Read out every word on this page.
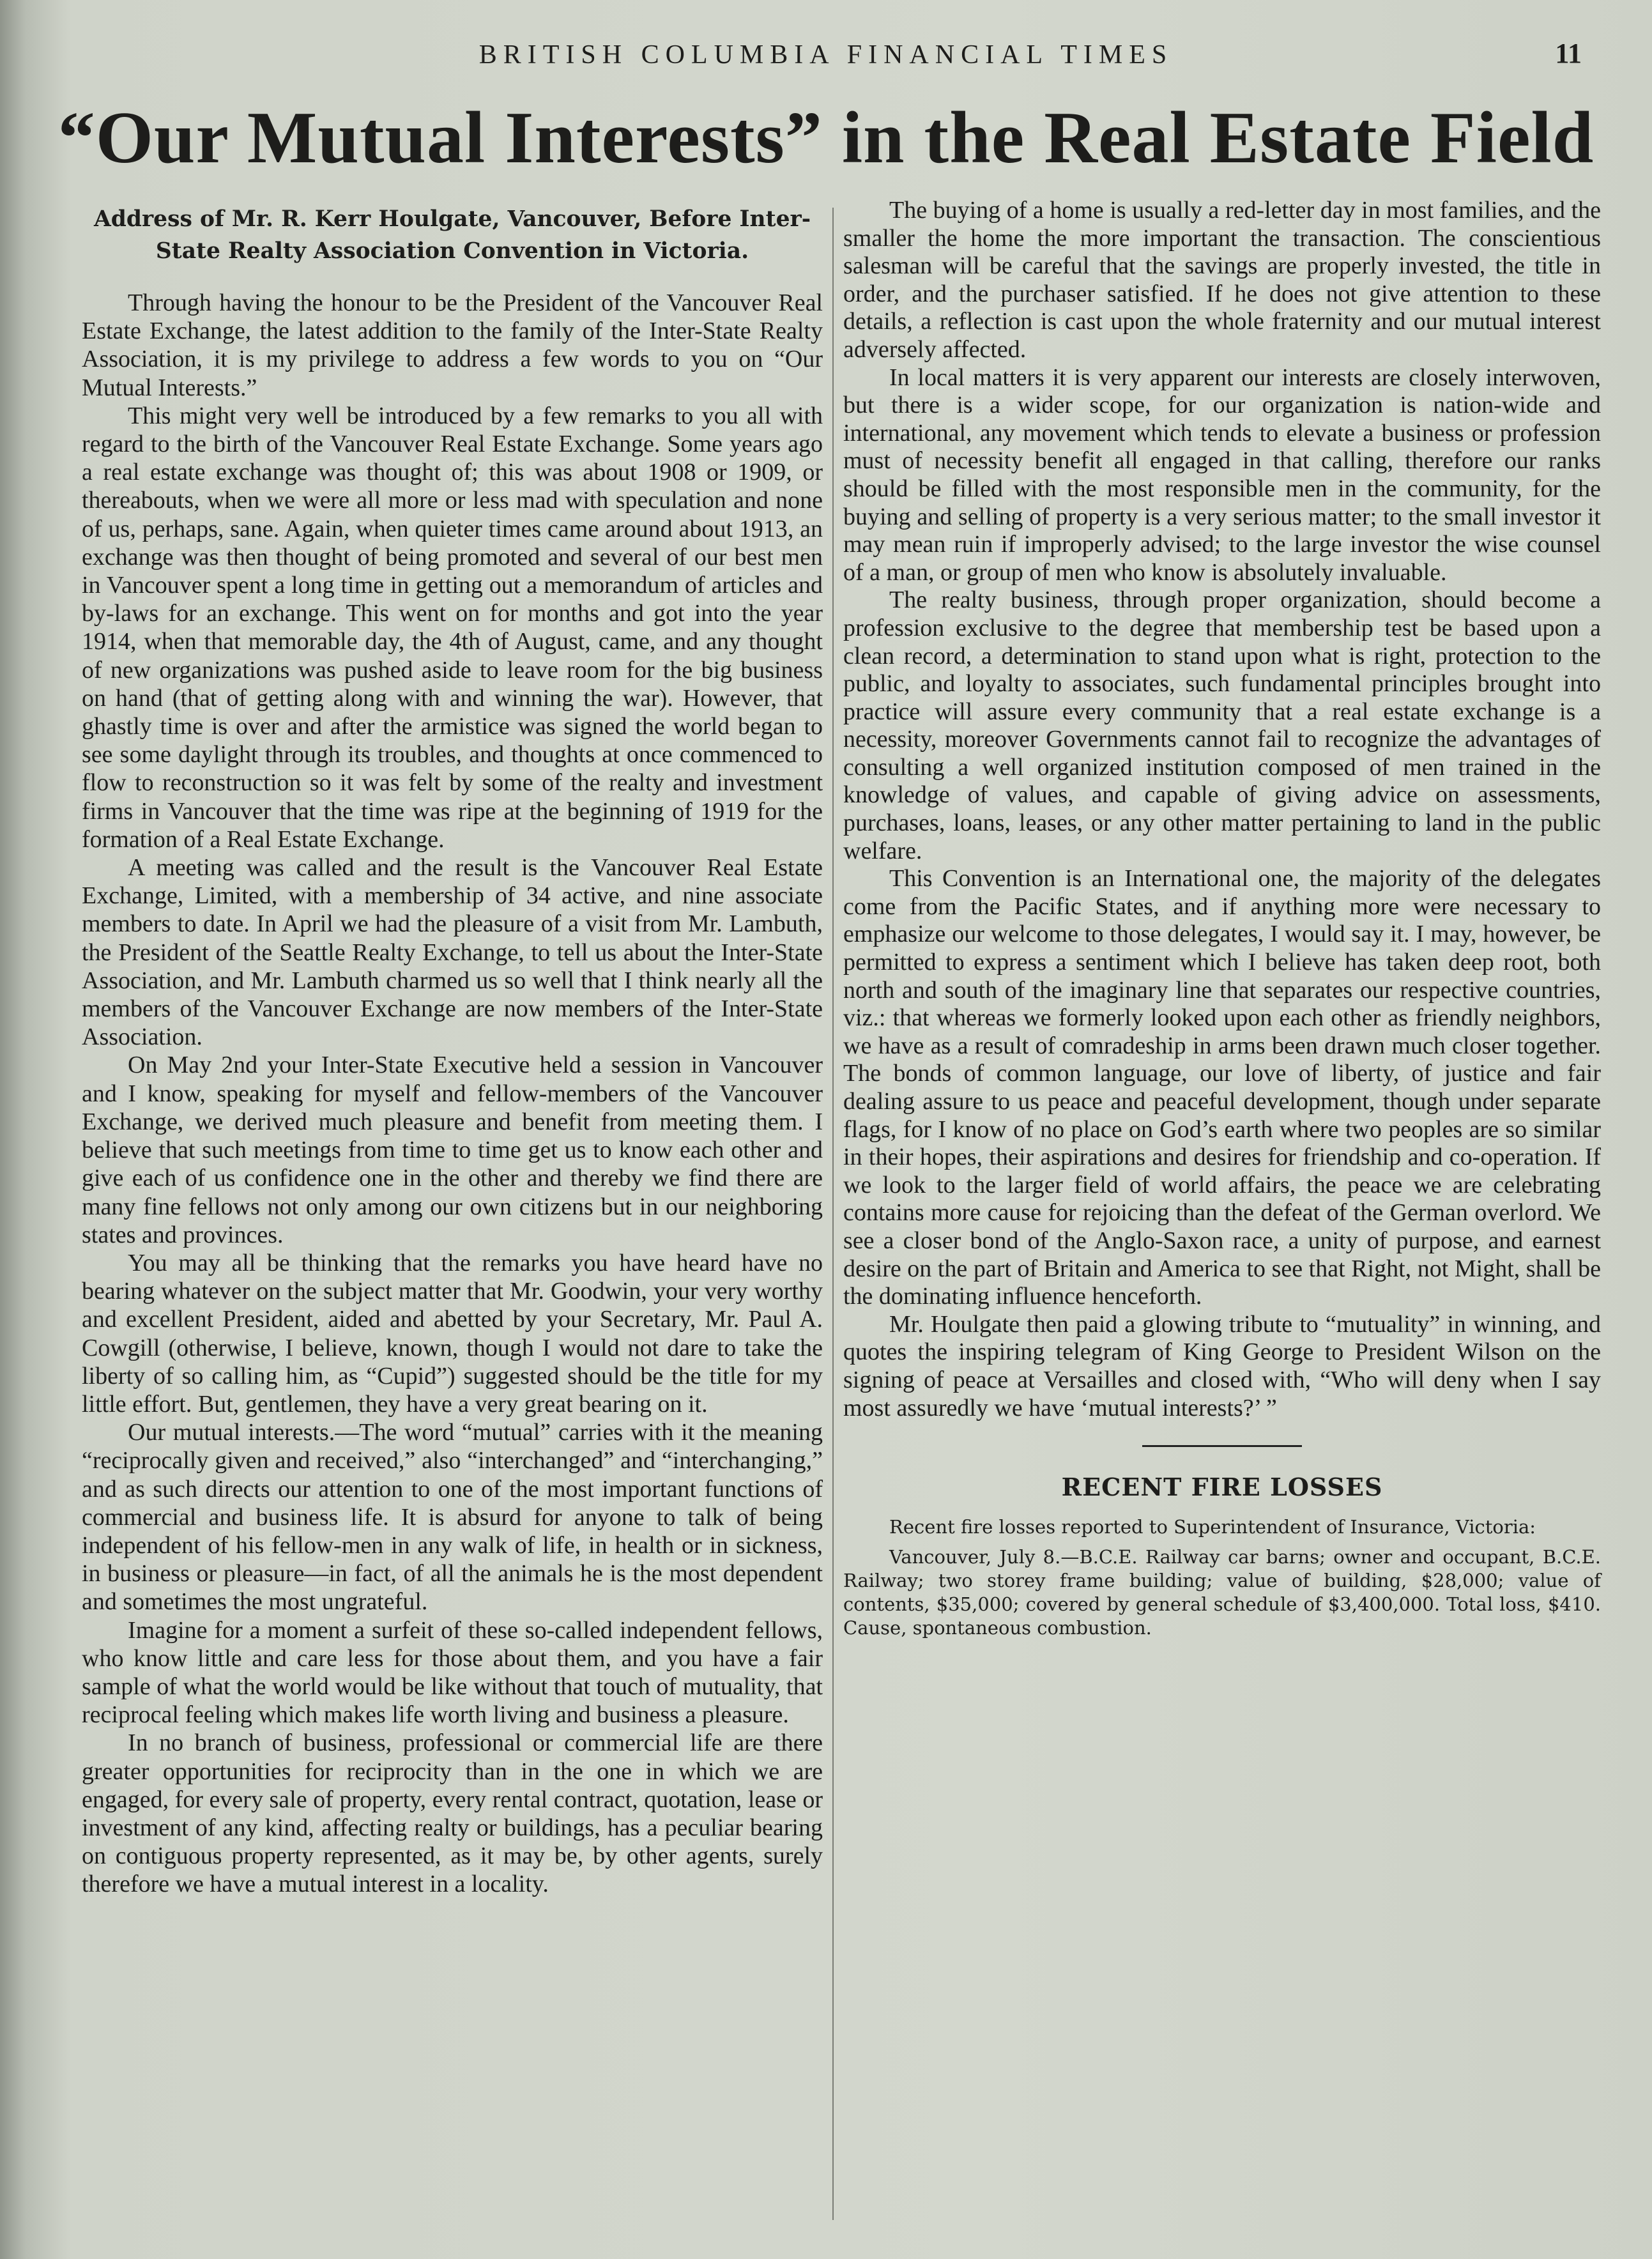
BRITISH COLUMBIA FINANCIAL TIMES	11
“Our Mutual Interests” in the Real Estate Field
Address of Mr. R. Kerr Houlgate, Vancouver, Before Inter-State Realty Association Convention in Victoria.

Through having the honour to be the President of the Vancouver Real Estate Exchange, the latest addition to the family of the Inter-State Realty Association, it is my privilege to address a few words to you on “Our Mutual Interests.”

This might very well be introduced by a few remarks to you all with regard to the birth of the Vancouver Real Estate Exchange. Some years ago a real estate exchange was thought of; this was about 1908 or 1909, or thereabouts, when we were all more or less mad with speculation and none of us, perhaps, sane. Again, when quieter times came around about 1913, an exchange was then thought of being promoted and several of our best men in Vancouver spent a long time in getting out a memorandum of articles and by-laws for an exchange. This went on for months and got into the year 1914, when that memorable day, the 4th of August, came, and any thought of new organizations was pushed aside to leave room for the big business on hand (that of getting along with and winning the war). However, that ghastly time is over and after the armistice was signed the world began to see some daylight through its troubles, and thoughts at once commenced to flow to reconstruction so it was felt by some of the realty and investment firms in Vancouver that the time was ripe at the beginning of 1919 for the formation of a Real Estate Exchange.

A meeting was called and the result is the Vancouver Real Estate Exchange, Limited, with a membership of 34 active, and nine associate members to date. In April we had the pleasure of a visit from Mr. Lambuth, the President of the Seattle Realty Exchange, to tell us about the Inter-State Association, and Mr. Lambuth charmed us so well that I think nearly all the members of the Vancouver Exchange are now members of the Inter-State Association.

On May 2nd your Inter-State Executive held a session in Vancouver and I know, speaking for myself and fellow-members of the Vancouver Exchange, we derived much pleasure and benefit from meeting them. I believe that such meetings from time to time get us to know each other and give each of us confidence one in the other and thereby we find there are many fine fellows not only among our own citizens but in our neighboring states and provinces.

You may all be thinking that the remarks you have heard have no bearing whatever on the subject matter that Mr. Goodwin, your very worthy and excellent President, aided and abetted by your Secretary, Mr. Paul A. Cowgill (otherwise, I believe, known, though I would not dare to take the liberty of so calling him, as “Cupid”) suggested should be the title for my little effort. But, gentlemen, they have a very great bearing on it.

Our mutual interests.—The word “mutual” carries with it the meaning “reciprocally given and received,” also “interchanged” and “interchanging,” and as such directs our attention to one of the most important functions of commercial and business life. It is absurd for anyone to talk of being independent of his fellow-men in any walk of life, in health or in sickness, in business or pleasure—in fact, of all the animals he is the most dependent and sometimes the most ungrateful.

Imagine for a moment a surfeit of these so-called independent fellows, who know little and care less for those about them, and you have a fair sample of what the world would be like without that touch of mutuality, that reciprocal feeling which makes life worth living and business a pleasure.

In no branch of business, professional or commercial life are there greater opportunities for reciprocity than in the one in which we are engaged, for every sale of property, every rental contract, quotation, lease or investment of any kind, affecting realty or buildings, has a peculiar bearing on contiguous property represented, as it may be, by other agents, surely therefore we have a mutual interest in a locality.

The buying of a home is usually a red-letter day in most families, and the smaller the home the more important the transaction. The conscientious salesman will be careful that the savings are properly invested, the title in order, and the purchaser satisfied. If he does not give attention to these details, a reflection is cast upon the whole fraternity and our mutual interest adversely affected.

In local matters it is very apparent our interests are closely interwoven, but there is a wider scope, for our organization is nation-wide and international, any movement which tends to elevate a business or profession must of necessity benefit all engaged in that calling, therefore our ranks should be filled with the most responsible men in the community, for the buying and selling of property is a very serious matter; to the small investor it may mean ruin if improperly advised; to the large investor the wise counsel of a man, or group of men who know is absolutely invaluable.

The realty business, through proper organization, should become a profession exclusive to the degree that membership test be based upon a clean record, a determination to stand upon what is right, protection to the public, and loyalty to associates, such fundamental principles brought into practice will assure every community that a real estate exchange is a necessity, moreover Governments cannot fail to recognize the advantages of consulting a well organized institution composed of men trained in the knowledge of values, and capable of giving advice on assessments, purchases, loans, leases, or any other matter pertaining to land in the public welfare.

This Convention is an International one, the majority of the delegates come from the Pacific States, and if anything more were necessary to emphasize our welcome to those delegates, I would say it. I may, however, be permitted to express a sentiment which I believe has taken deep root, both north and south of the imaginary line that separates our respective countries, viz.: that whereas we formerly looked upon each other as friendly neighbors, we have as a result of comradeship in arms been drawn much closer together. The bonds of common language, our love of liberty, of justice and fair dealing assure to us peace and peaceful development, though under separate flags, for I know of no place on God’s earth where two peoples are so similar in their hopes, their aspirations and desires for friendship and co-operation. If we look to the larger field of world affairs, the peace we are celebrating contains more cause for rejoicing than the defeat of the German overlord. We see a closer bond of the Anglo-Saxon race, a unity of purpose, and earnest desire on the part of Britain and America to see that Right, not Might, shall be the dominating influence henceforth.

Mr. Houlgate then paid a glowing tribute to “mutuality” in winning, and quotes the inspiring telegram of King George to President Wilson on the signing of peace at Versailles and closed with, “Who will deny when I say most assuredly we have ‘mutual interests?’ ”

RECENT FIRE LOSSES

Recent fire losses reported to Superintendent of Insurance, Victoria:

Vancouver, July 8.—B.C.E. Railway car barns; owner and occupant, B.C.E. Railway; two storey frame building; value of building, $28,000; value of contents, $35,000; covered by general schedule of $3,400,000. Total loss, $410. Cause, spontaneous combustion.
